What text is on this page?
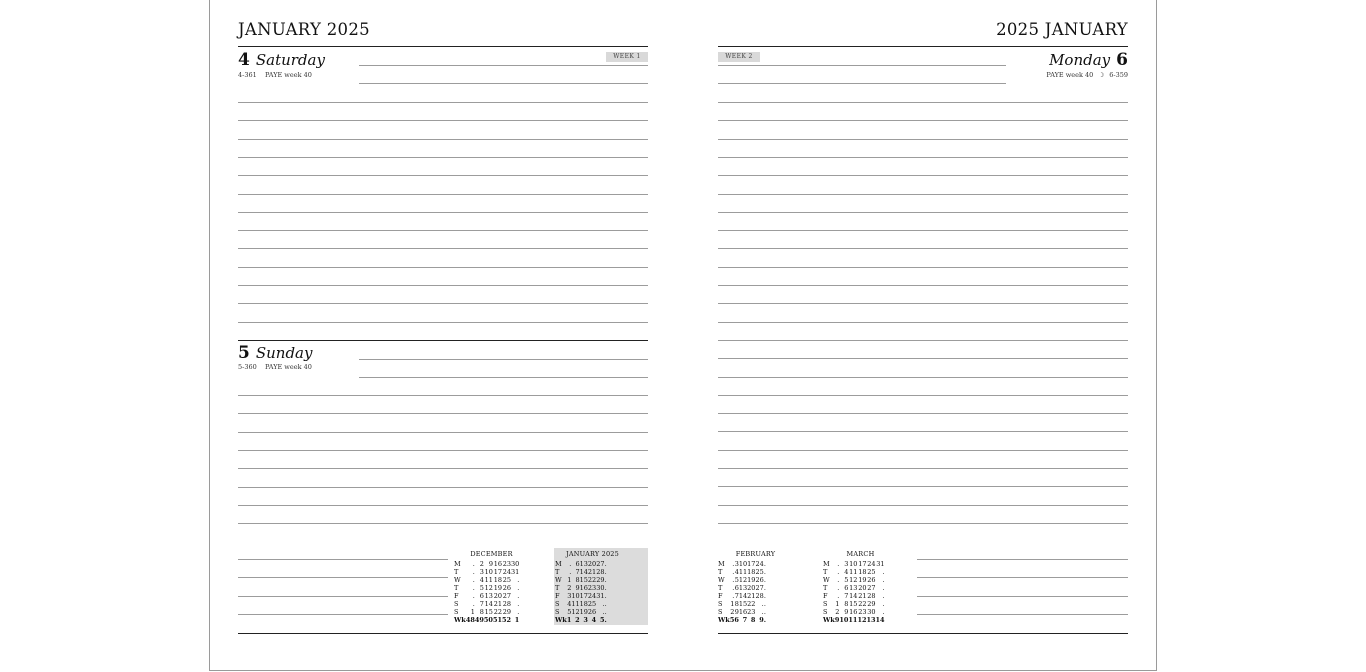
JANUARY 2025
4 Saturday
4-361 PAYE week 40
WEEK 1
5 Sunday
5-360 PAYE week 40
DECEMBER
M	.	2	9	16	23	30
T	.	3	10	17	24	31
W	.	4	11	18	25	.
T	.	5	12	19	26	.
F	.	6	13	20	27	.
S	.	7	14	21	28	.
S	1	8	15	22	29	.
Wk	48	49	50	51	52	1
JANUARY 2025
M	.	6	13	20	27	.
T	.	7	14	21	28	.
W	1	8	15	22	29	.
T	2	9	16	23	30	.
F	3	10	17	24	31	.
S	4	11	18	25	.	.
S	5	12	19	26	.	.
Wk	1	2	3	4	5	.
2025 JANUARY
WEEK 2	Monday 6
PAYE week 40 ☽ 6-359
FEBRUARY
M	.	3	10	17	24	.
T	.	4	11	18	25	.
W	.	5	12	19	26	.
T	.	6	13	20	27	.
F	.	7	14	21	28	.
S	1	8	15	22	.	.
S	2	9	16	23	.	.
Wk	5	6	7	8	9	.
MARCH
M	.	3	10	17	24	31
T	.	4	11	18	25	.
W	.	5	12	19	26	.
T	.	6	13	20	27	.
F	.	7	14	21	28	.
S	1	8	15	22	29	.
S	2	9	16	23	30	.
Wk	9	10	11	12	13	14
